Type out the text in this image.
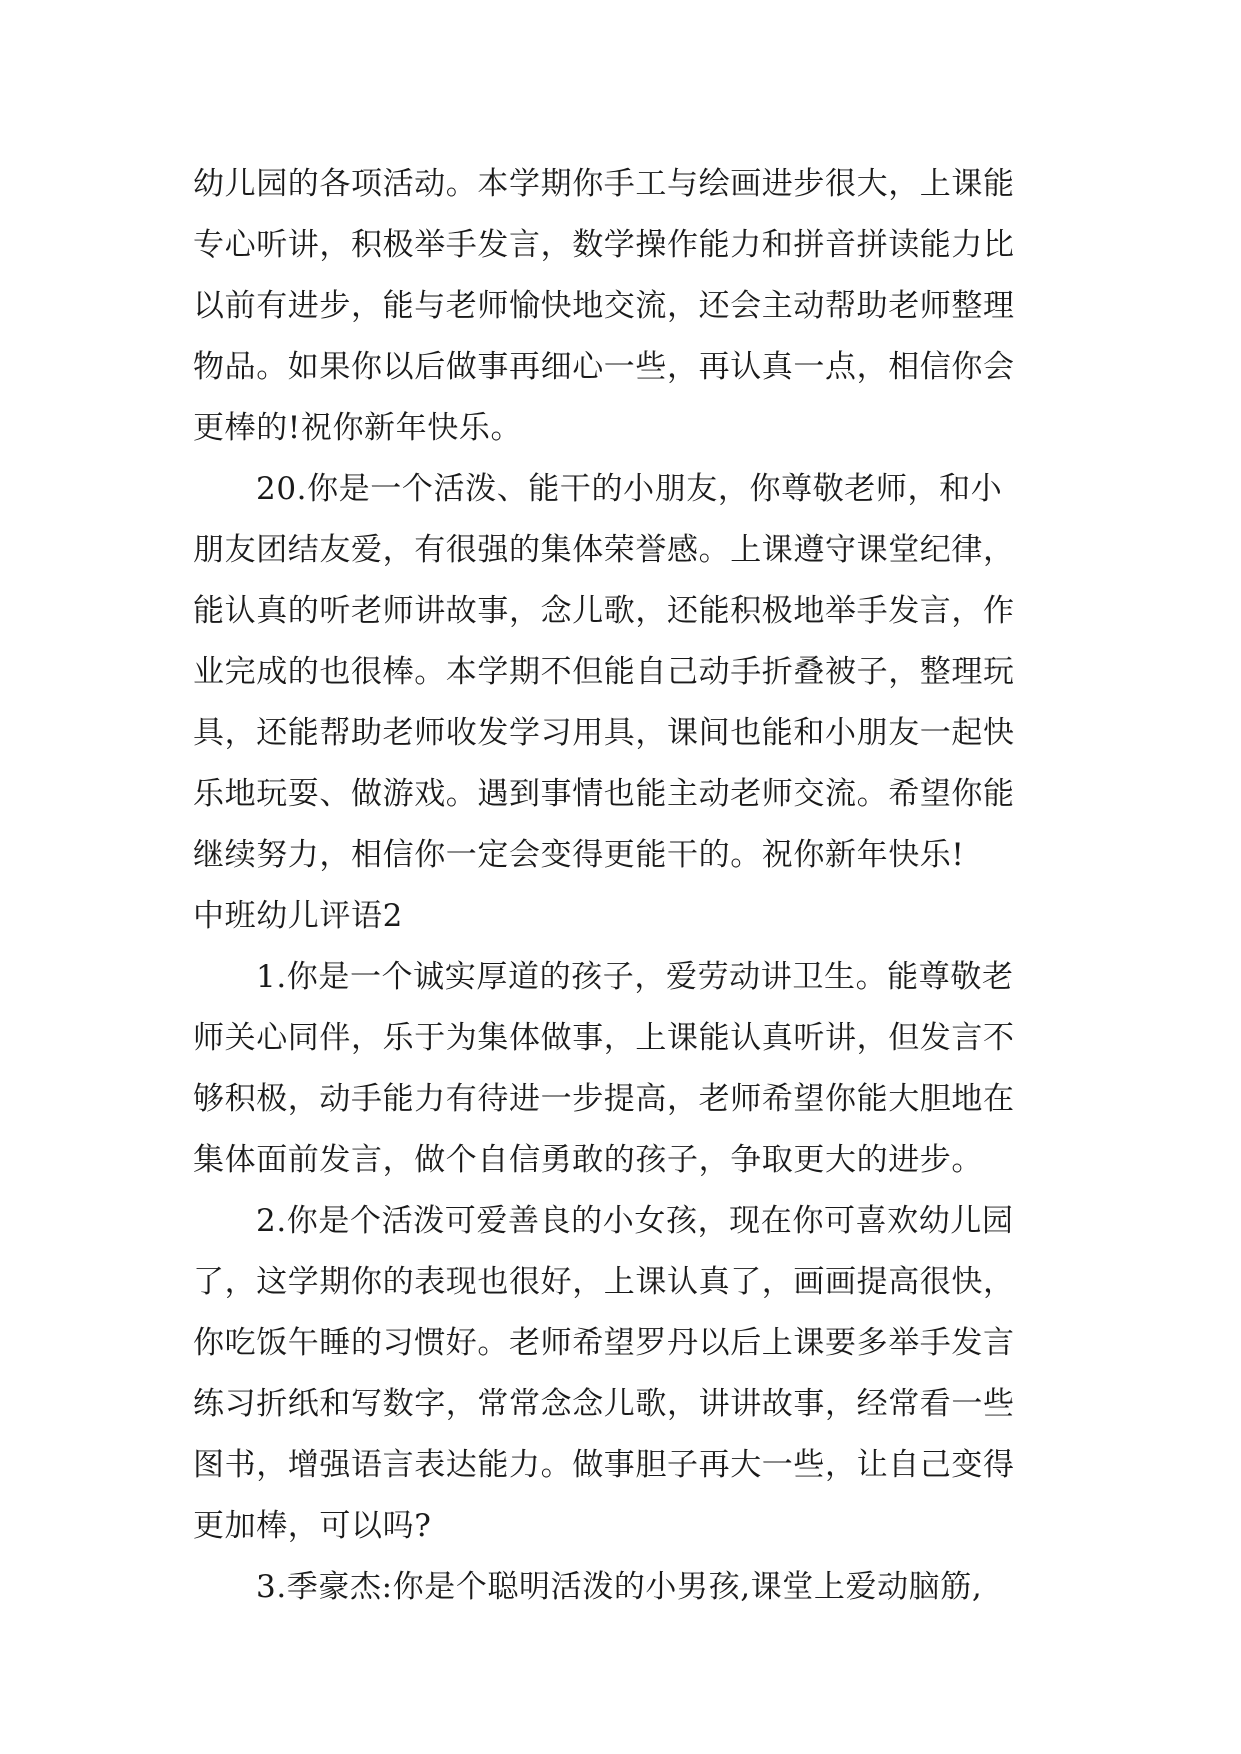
幼儿园的各项活动。本学期你手工与绘画进步很大，上课能
专心听讲，积极举手发言，数学操作能力和拼音拼读能力比
以前有进步，能与老师愉快地交流，还会主动帮助老师整理
物品。如果你以后做事再细心一些，再认真一点，相信你会
更棒的!祝你新年快乐。
20.你是一个活泼、能干的小朋友，你尊敬老师，和小
朋友团结友爱，有很强的集体荣誉感。上课遵守课堂纪律，
能认真的听老师讲故事，念儿歌，还能积极地举手发言，作
业完成的也很棒。本学期不但能自己动手折叠被子，整理玩
具，还能帮助老师收发学习用具，课间也能和小朋友一起快
乐地玩耍、做游戏。遇到事情也能主动老师交流。希望你能
继续努力，相信你一定会变得更能干的。祝你新年快乐!
中班幼儿评语2
1.你是一个诚实厚道的孩子，爱劳动讲卫生。能尊敬老
师关心同伴，乐于为集体做事，上课能认真听讲，但发言不
够积极，动手能力有待进一步提高，老师希望你能大胆地在
集体面前发言，做个自信勇敢的孩子，争取更大的进步。
2.你是个活泼可爱善良的小女孩，现在你可喜欢幼儿园
了，这学期你的表现也很好，上课认真了，画画提高很快，
你吃饭午睡的习惯好。老师希望罗丹以后上课要多举手发言
练习折纸和写数字，常常念念儿歌，讲讲故事，经常看一些
图书，增强语言表达能力。做事胆子再大一些，让自己变得
更加棒，可以吗?
3.季豪杰:你是个聪明活泼的小男孩,课堂上爱动脑筋,
